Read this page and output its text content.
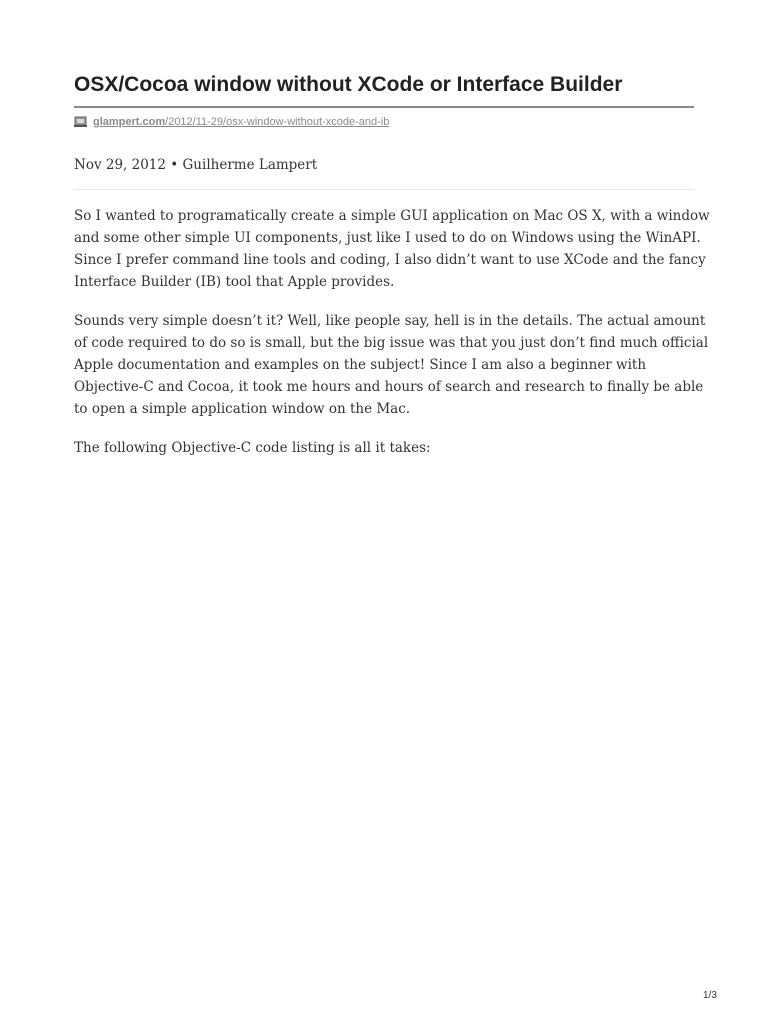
OSX/Cocoa window without XCode or Interface Builder
glampert.com/2012/11-29/osx-window-without-xcode-and-ib
Nov 29, 2012 • Guilherme Lampert

So I wanted to programatically create a simple GUI application on Mac OS X, with a window
and some other simple UI components, just like I used to do on Windows using the WinAPI.
Since I prefer command line tools and coding, I also didn’t want to use XCode and the fancy
Interface Builder (IB) tool that Apple provides.

Sounds very simple doesn’t it? Well, like people say, hell is in the details. The actual amount
of code required to do so is small, but the big issue was that you just don’t find much official
Apple documentation and examples on the subject! Since I am also a beginner with
Objective-C and Cocoa, it took me hours and hours of search and research to finally be able
to open a simple application window on the Mac.

The following Objective-C code listing is all it takes:

1/3
